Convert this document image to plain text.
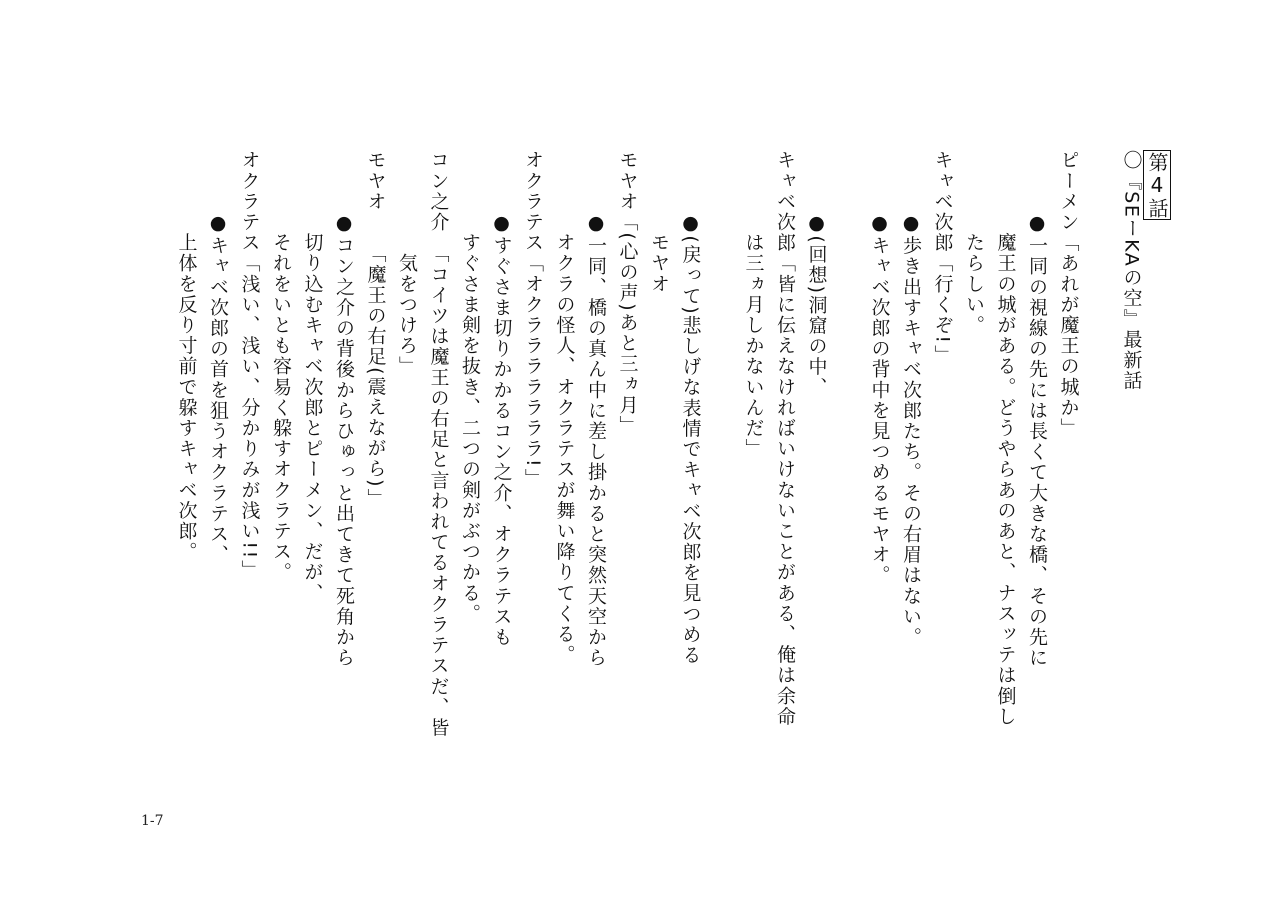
第4話
〇『SEーKAの空』最新話
ピーメン「あれが魔王の城か」
　　　●一同の視線の先には長くて大きな橋、その先に
　　　　魔王の城がある。どうやらあのあと、ナスッテは倒し
　　　　たらしい。
キャベ次郎「行くぞ!」
　　　●歩き出すキャベ次郎たち。その右眉はない。
　　　●キャベ次郎の背中を見つめるモヤオ。
　　　●(回想)洞窟の中、
キャベ次郎「皆に伝えなければいけないことがある、俺は余命
　　　　は三ヵ月しかないんだ」
　　　●(戻って)悲しげな表情でキャベ次郎を見つめる
　　　　モヤオ
モヤオ「(心の声)あと三ヵ月」
　　　●一同、橋の真ん中に差し掛かると突然天空から
　　　　オクラの怪人、オクラテスが舞い降りてくる。
オクラテス「オクラララララララ!」
　　　●すぐさま切りかかるコン之介、オクラテスも
　　　　すぐさま剣を抜き、二つの剣がぶつかる。
コン之介　「コイツは魔王の右足と言われてるオクラテスだ、皆
　　　　　気をつけろ」
モヤオ　　「魔王の右足(震えながら)」
　　　●コン之介の背後からひゅっと出てきて死角から
　　　　切り込むキャベ次郎とピーメン、だが、
　　　　それをいとも容易く躱すオクラテス。
オクラテス「浅い、浅い、分かりみが浅い!!」
　　　●キャベ次郎の首を狙うオクラテス、
　　　　上体を反り寸前で躱すキャベ次郎。
1-7
